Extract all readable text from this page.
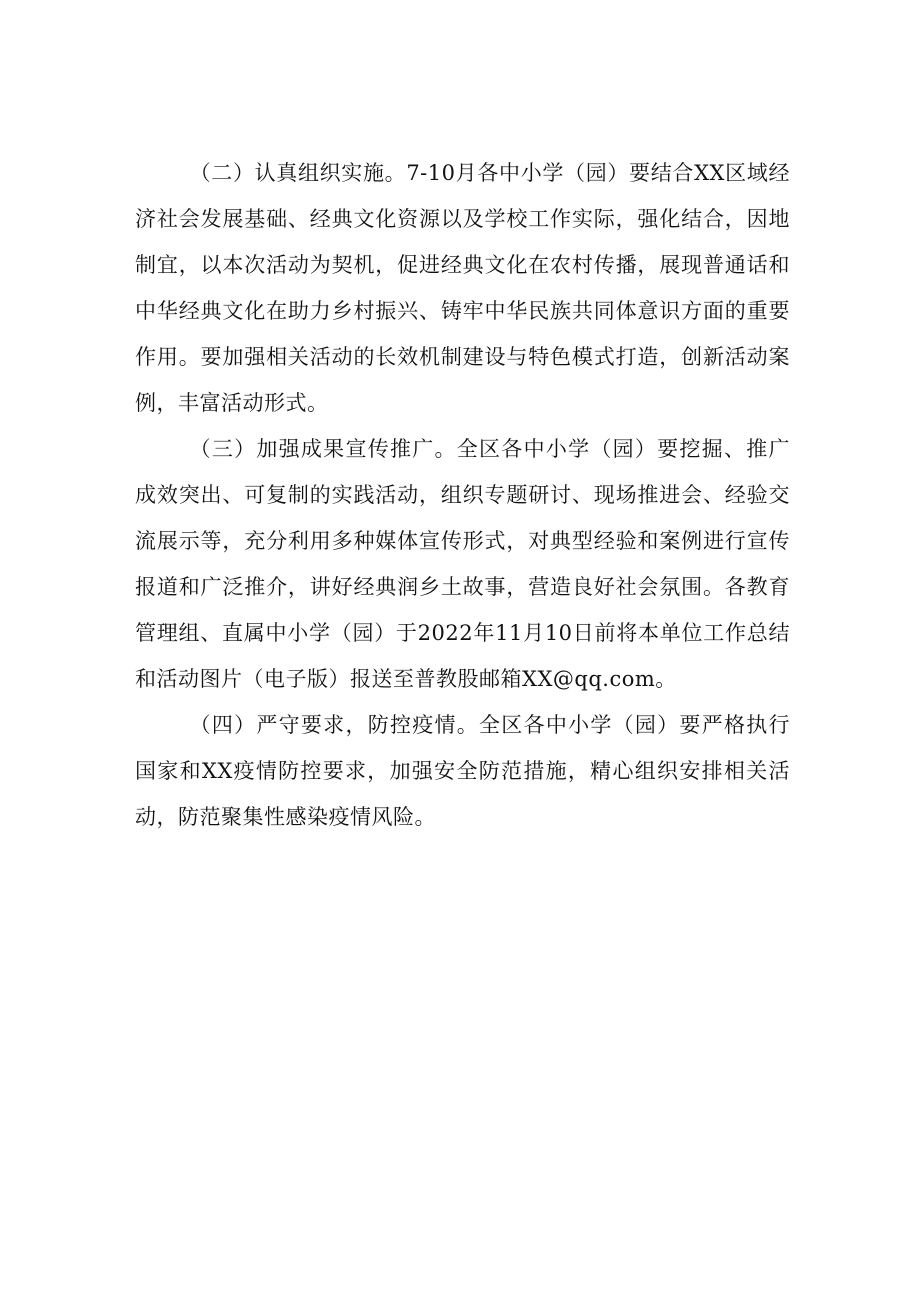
（二）认真组织实施。7-10月各中小学（园）要结合XX区域经济社会发展基础、经典文化资源以及学校工作实际，强化结合，因地制宜，以本次活动为契机，促进经典文化在农村传播，展现普通话和中华经典文化在助力乡村振兴、铸牢中华民族共同体意识方面的重要作用。要加强相关活动的长效机制建设与特色模式打造，创新活动案例，丰富活动形式。

（三）加强成果宣传推广。全区各中小学（园）要挖掘、推广成效突出、可复制的实践活动，组织专题研讨、现场推进会、经验交流展示等，充分利用多种媒体宣传形式，对典型经验和案例进行宣传报道和广泛推介，讲好经典润乡土故事，营造良好社会氛围。各教育管理组、直属中小学（园）于2022年11月10日前将本单位工作总结和活动图片（电子版）报送至普教股邮箱XX@qq.com。

（四）严守要求，防控疫情。全区各中小学（园）要严格执行国家和XX疫情防控要求，加强安全防范措施，精心组织安排相关活动，防范聚集性感染疫情风险。
